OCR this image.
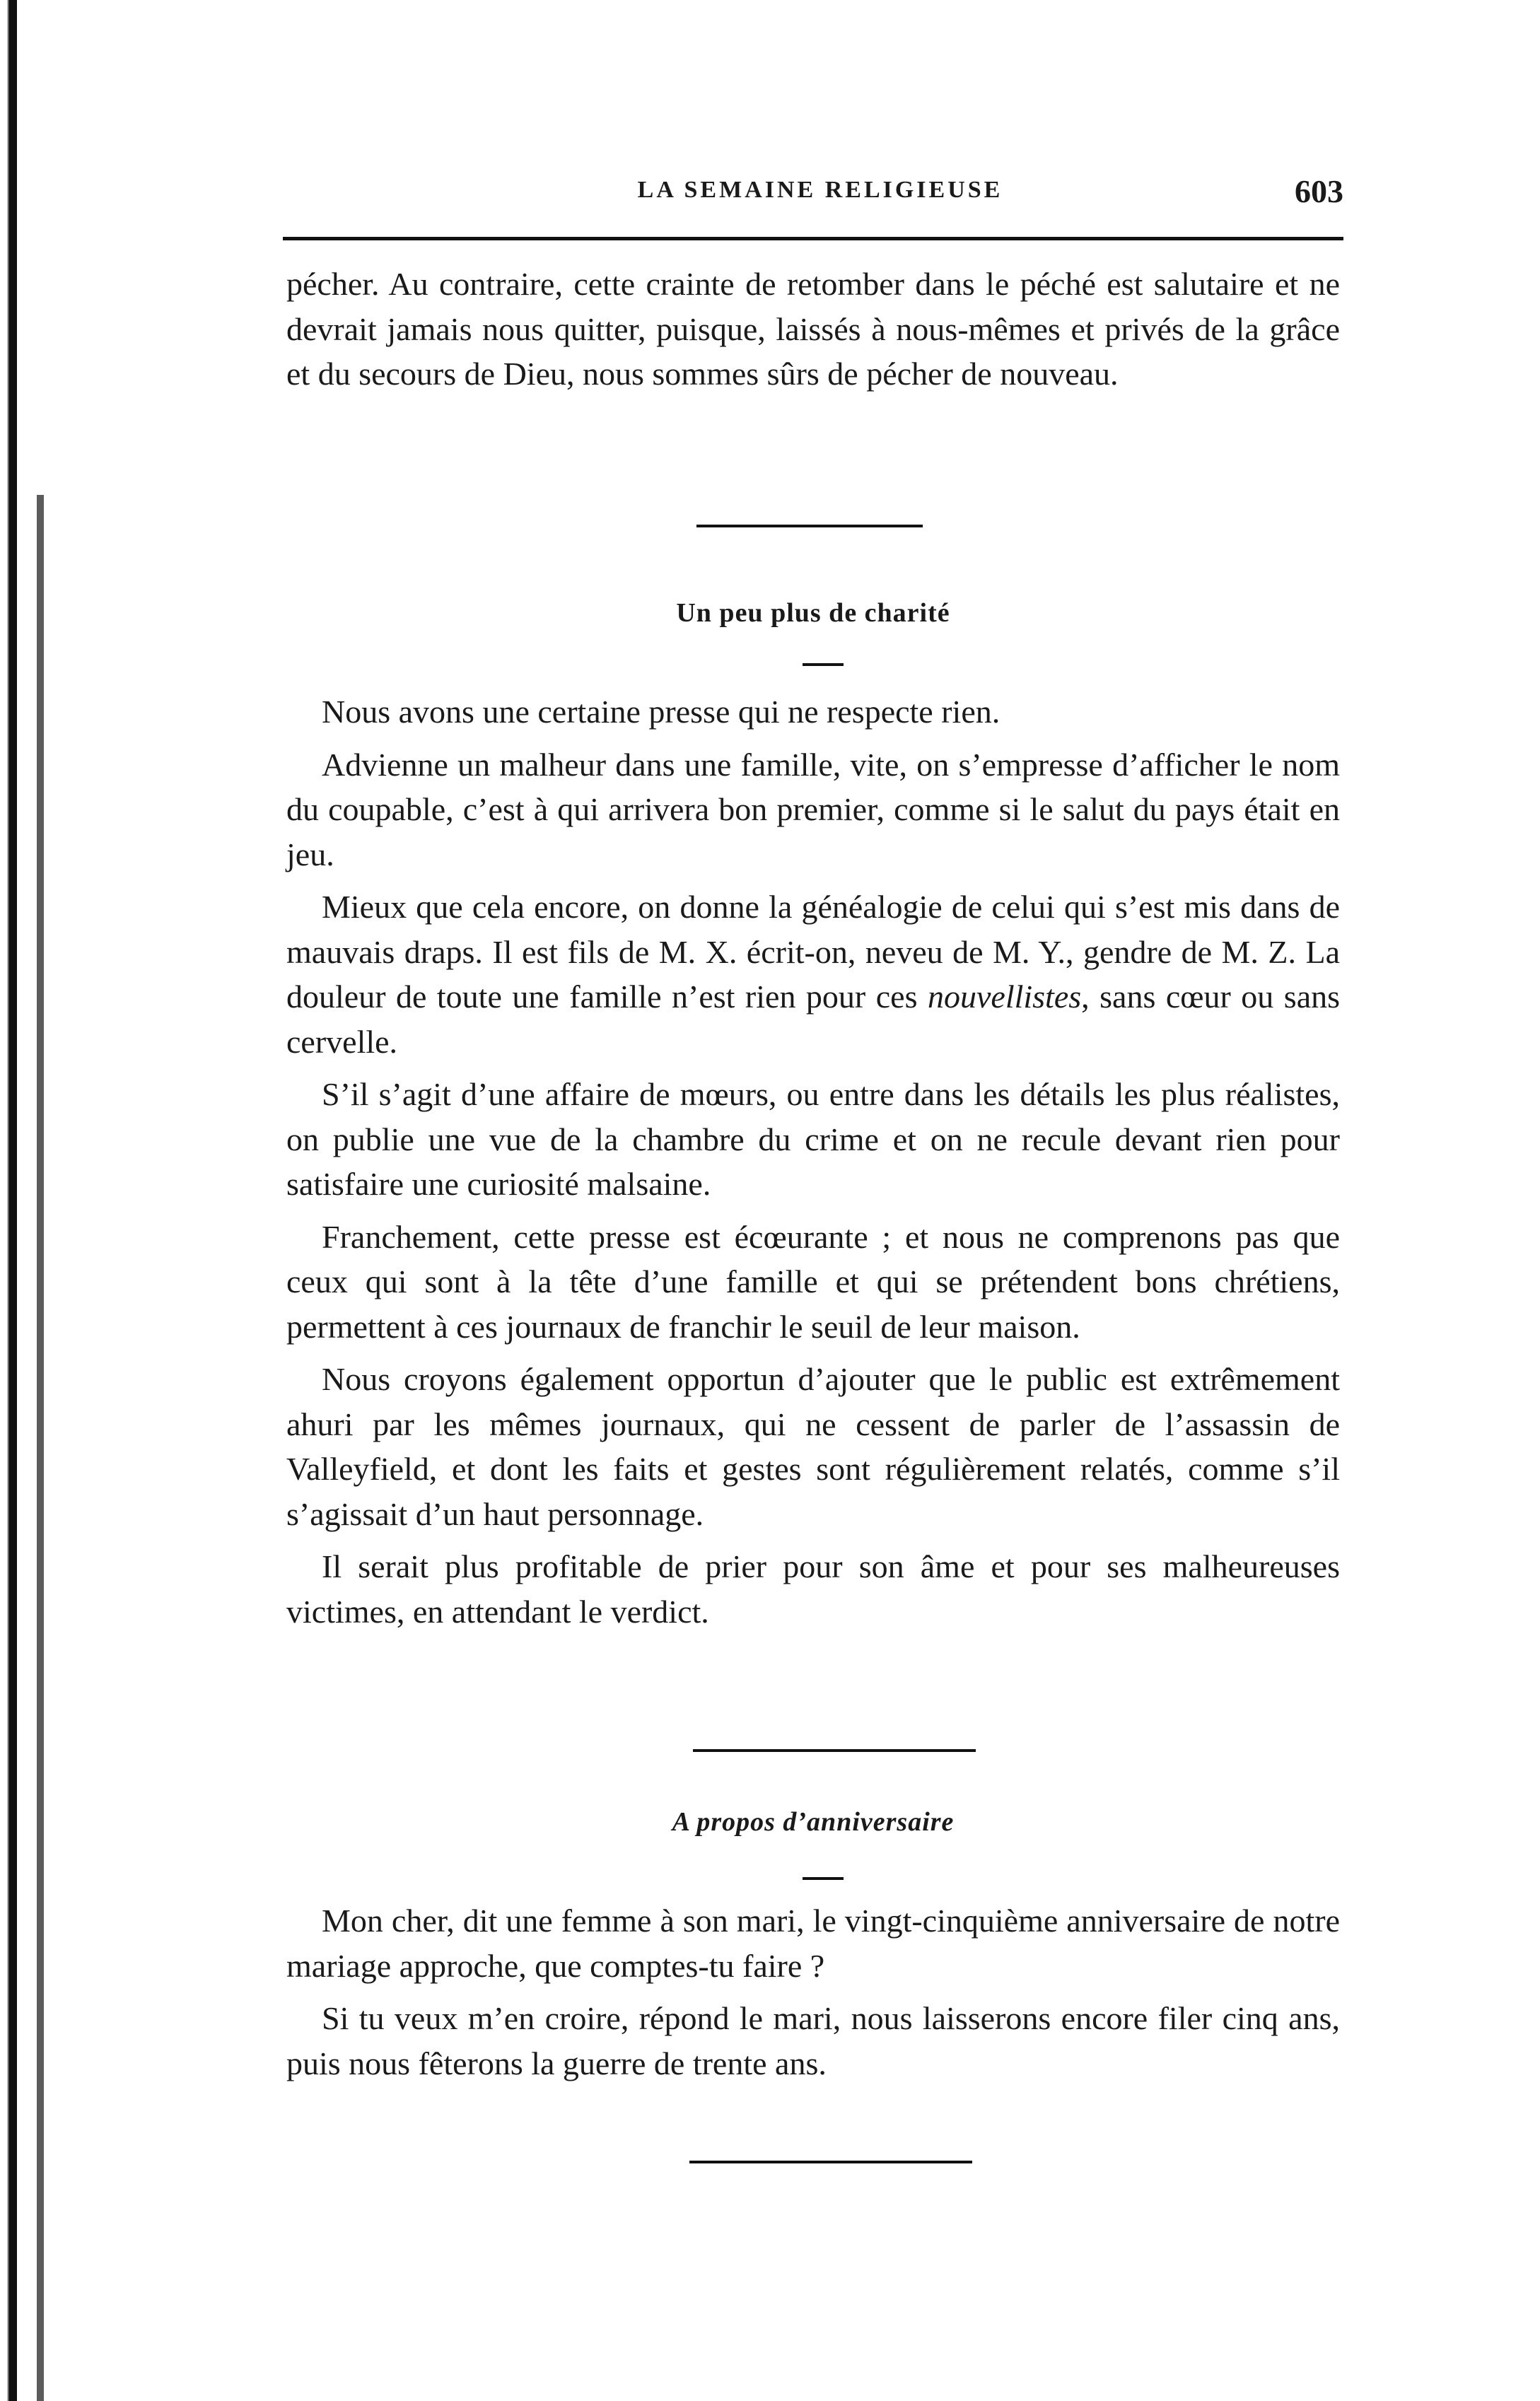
LA SEMAINE RELIGIEUSE	603

pécher. Au contraire, cette crainte de retomber dans le péché est salutaire et ne devrait jamais nous quitter, puisque, laissés à nous-mêmes et privés de la grâce et du secours de Dieu, nous sommes sûrs de pécher de nouveau.

Un peu plus de charité

Nous avons une certaine presse qui ne respecte rien.

Advienne un malheur dans une famille, vite, on s’empresse d’afficher le nom du coupable, c’est à qui arrivera bon premier, comme si le salut du pays était en jeu.

Mieux que cela encore, on donne la généalogie de celui qui s’est mis dans de mauvais draps. Il est fils de M. X. écrit-on, neveu de M. Y., gendre de M. Z. La douleur de toute une famille n’est rien pour ces nouvellistes, sans cœur ou sans cervelle.

S’il s’agit d’une affaire de mœurs, ou entre dans les détails les plus réalistes, on publie une vue de la chambre du crime et on ne recule devant rien pour satisfaire une curiosité malsaine.

Franchement, cette presse est écœurante ; et nous ne comprenons pas que ceux qui sont à la tête d’une famille et qui se prétendent bons chrétiens, permettent à ces journaux de franchir le seuil de leur maison.

Nous croyons également opportun d’ajouter que le public est extrêmement ahuri par les mêmes journaux, qui ne cessent de parler de l’assassin de Valleyfield, et dont les faits et gestes sont régulièrement relatés, comme s’il s’agissait d’un haut personnage.

Il serait plus profitable de prier pour son âme et pour ses malheureuses victimes, en attendant le verdict.

A propos d’anniversaire

Mon cher, dit une femme à son mari, le vingt-cinquième anniversaire de notre mariage approche, que comptes-tu faire ?

Si tu veux m’en croire, répond le mari, nous laisserons encore filer cinq ans, puis nous fêterons la guerre de trente ans.
